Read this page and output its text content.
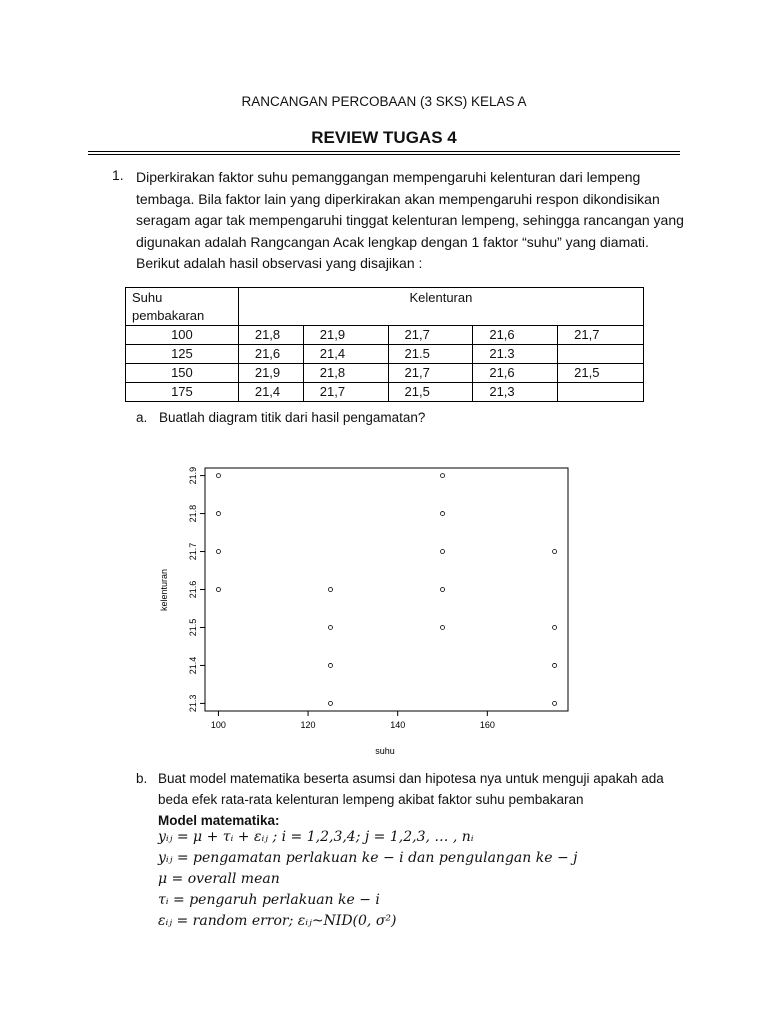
RANCANGAN PERCOBAAN (3 SKS) KELAS A
REVIEW TUGAS 4
1. Diperkirakan faktor suhu pemanggangan mempengaruhi kelenturan dari lempeng
tembaga. Bila faktor lain yang diperkirakan akan mempengaruhi respon dikondisikan
seragam agar tak mempengaruhi tinggat kelenturan lempeng, sehingga rancangan yang
digunakan adalah Rangcangan Acak lengkap dengan 1 faktor “suhu” yang diamati.
Berikut adalah hasil observasi yang disajikan :
Suhu
pembakaran	Kelenturan				
100	21,8	21,9	21,7	21,6	21,7
125	21,6	21,4	21.5	21.3	
150	21,9	21,8	21,7	21,6	21,5
175	21,4	21,7	21,5	21,3	
a. Buatlah diagram titik dari hasil pengamatan?
100	120	140	160
21.3
21.4
21.5
21.6
21.7
21.8
21.9
suhu
kelenturan
b. Buat model matematika beserta asumsi dan hipotesa nya untuk menguji apakah ada
beda efek rata-rata kelenturan lempeng akibat faktor suhu pembakaran
Model matematika:
yᵢⱼ = μ + τᵢ + εᵢⱼ ; i = 1,2,3,4; j = 1,2,3, … , nᵢ
yᵢⱼ = pengamatan perlakuan ke − i dan pengulangan ke − j
μ = overall mean
τᵢ = pengaruh perlakuan ke − i
εᵢⱼ = random error; εᵢⱼ~NID(0, σ²)
